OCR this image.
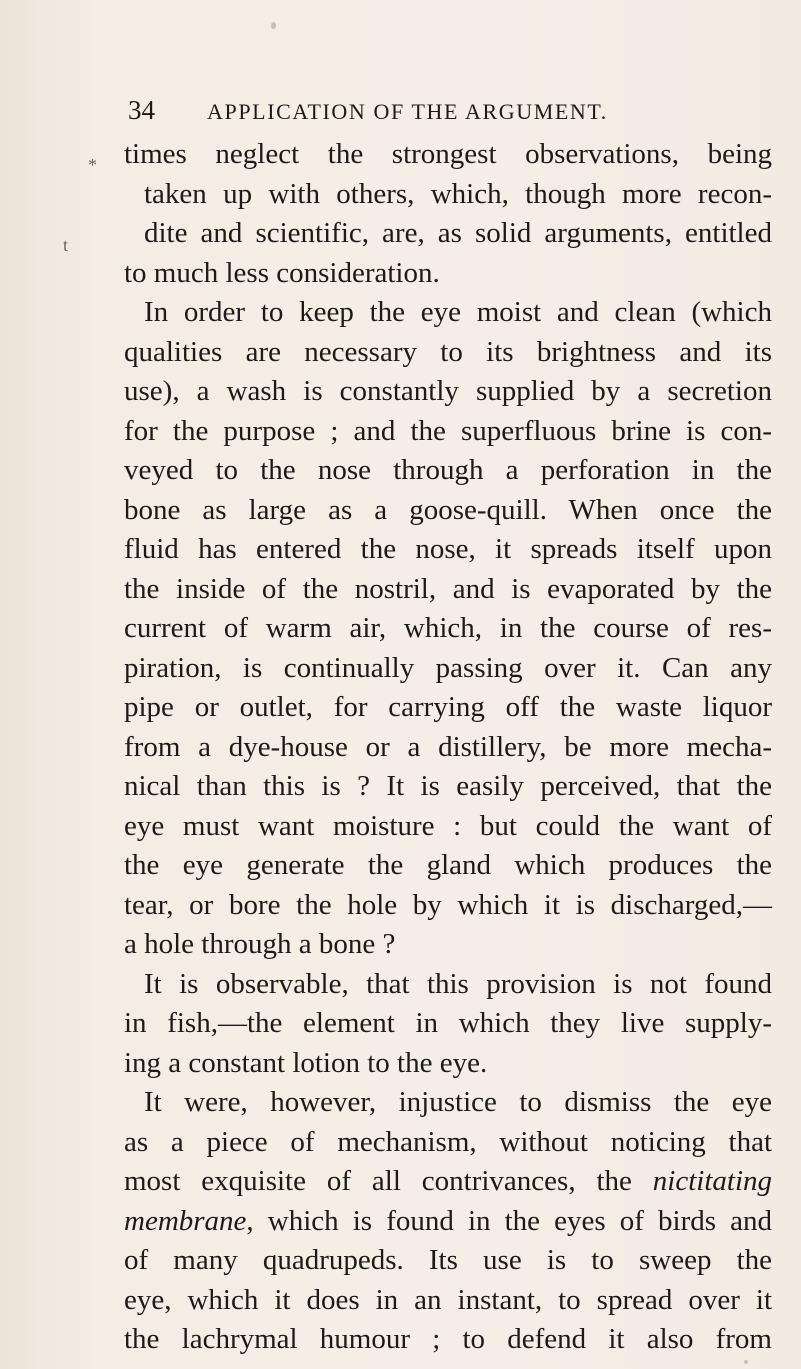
34 APPLICATION OF THE ARGUMENT.
*
t
times neglect the strongest observations, being
taken up with others, which, though more recon-
dite and scientific, are, as solid arguments, entitled
to much less consideration.
In order to keep the eye moist and clean (which
qualities are necessary to its brightness and its
use), a wash is constantly supplied by a secretion
for the purpose ; and the superfluous brine is con-
veyed to the nose through a perforation in the
bone as large as a goose-quill. When once the
fluid has entered the nose, it spreads itself upon
the inside of the nostril, and is evaporated by the
current of warm air, which, in the course of res-
piration, is continually passing over it. Can any
pipe or outlet, for carrying off the waste liquor
from a dye-house or a distillery, be more mecha-
nical than this is ? It is easily perceived, that the
eye must want moisture : but could the want of
the eye generate the gland which produces the
tear, or bore the hole by which it is discharged,—
a hole through a bone ?
It is observable, that this provision is not found
in fish,—the element in which they live supply-
ing a constant lotion to the eye.
It were, however, injustice to dismiss the eye
as a piece of mechanism, without noticing that
most exquisite of all contrivances, the nictitating
membrane, which is found in the eyes of birds and
of many quadrupeds. Its use is to sweep the
eye, which it does in an instant, to spread over it
the lachrymal humour ; to defend it also from
